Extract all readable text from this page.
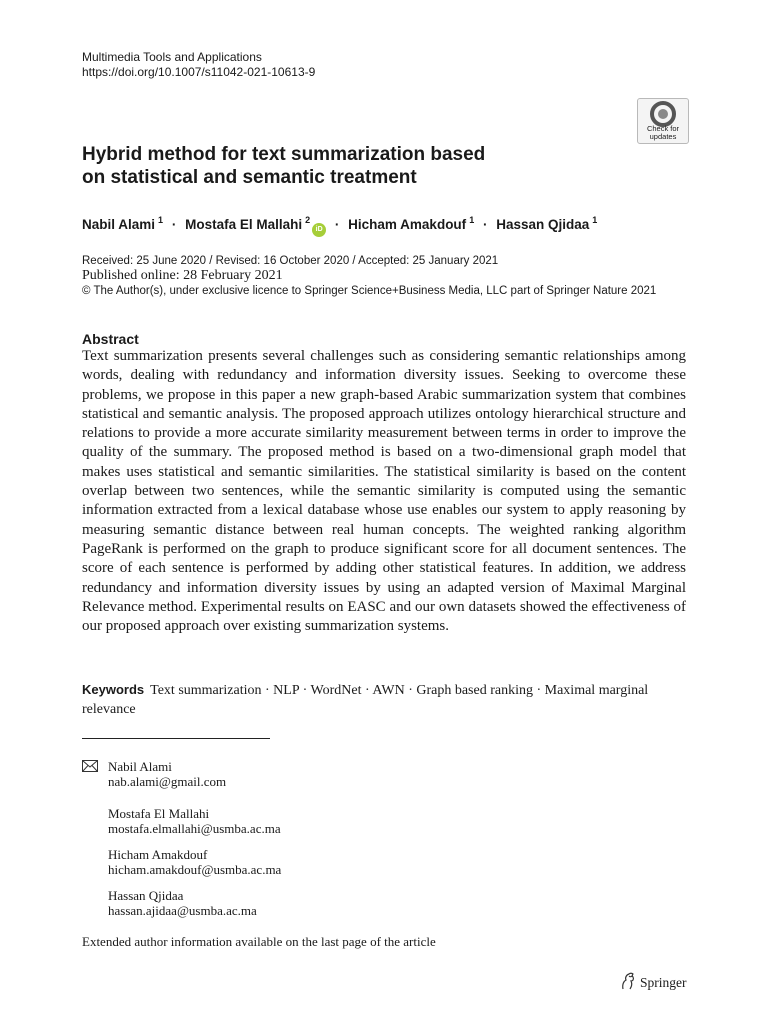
Multimedia Tools and Applications
https://doi.org/10.1007/s11042-021-10613-9
Check for
updates
Hybrid method for text summarization based
on statistical and semantic treatment
Nabil Alami $^1$ · Mostafa El Mallahi $^2$iD · Hicham Amakdouf $^1$ · Hassan Qjidaa $^1$
Received: 25 June 2020 / Revised: 16 October 2020 / Accepted: 25 January 2021
Published online: 28 February 2021
© The Author(s), under exclusive licence to Springer Science+Business Media, LLC part of Springer Nature 2021
Abstract
Text summarization presents several challenges such as considering semantic relationships among words, dealing with redundancy and information diversity issues. Seeking to overcome these problems, we propose in this paper a new graph-based Arabic summarization system that combines statistical and semantic analysis. The proposed approach utilizes ontology hierarchical structure and relations to provide a more accurate similarity measurement between terms in order to improve the quality of the summary. The proposed method is based on a two-dimensional graph model that makes uses statistical and semantic similarities. The statistical similarity is based on the content overlap between two sentences, while the semantic similarity is computed using the semantic information extracted from a lexical database whose use enables our system to apply reasoning by measuring semantic distance between real human concepts. The weighted ranking algorithm PageRank is performed on the graph to produce significant score for all document sentences. The score of each sentence is performed by adding other statistical features. In addition, we address redundancy and information diversity issues by using an adapted version of Maximal Marginal Relevance method. Experimental results on EASC and our own datasets showed the effectiveness of our proposed approach over existing summarization systems.
Keywords Text summarization · NLP · WordNet · AWN · Graph based ranking · Maximal marginal relevance
Nabil Alami
nab.alami@gmail.com
Mostafa El Mallahi
mostafa.elmallahi@usmba.ac.ma
Hicham Amakdouf
hicham.amakdouf@usmba.ac.ma
Hassan Qjidaa
hassan.ajidaa@usmba.ac.ma
Extended author information available on the last page of the article
Springer
